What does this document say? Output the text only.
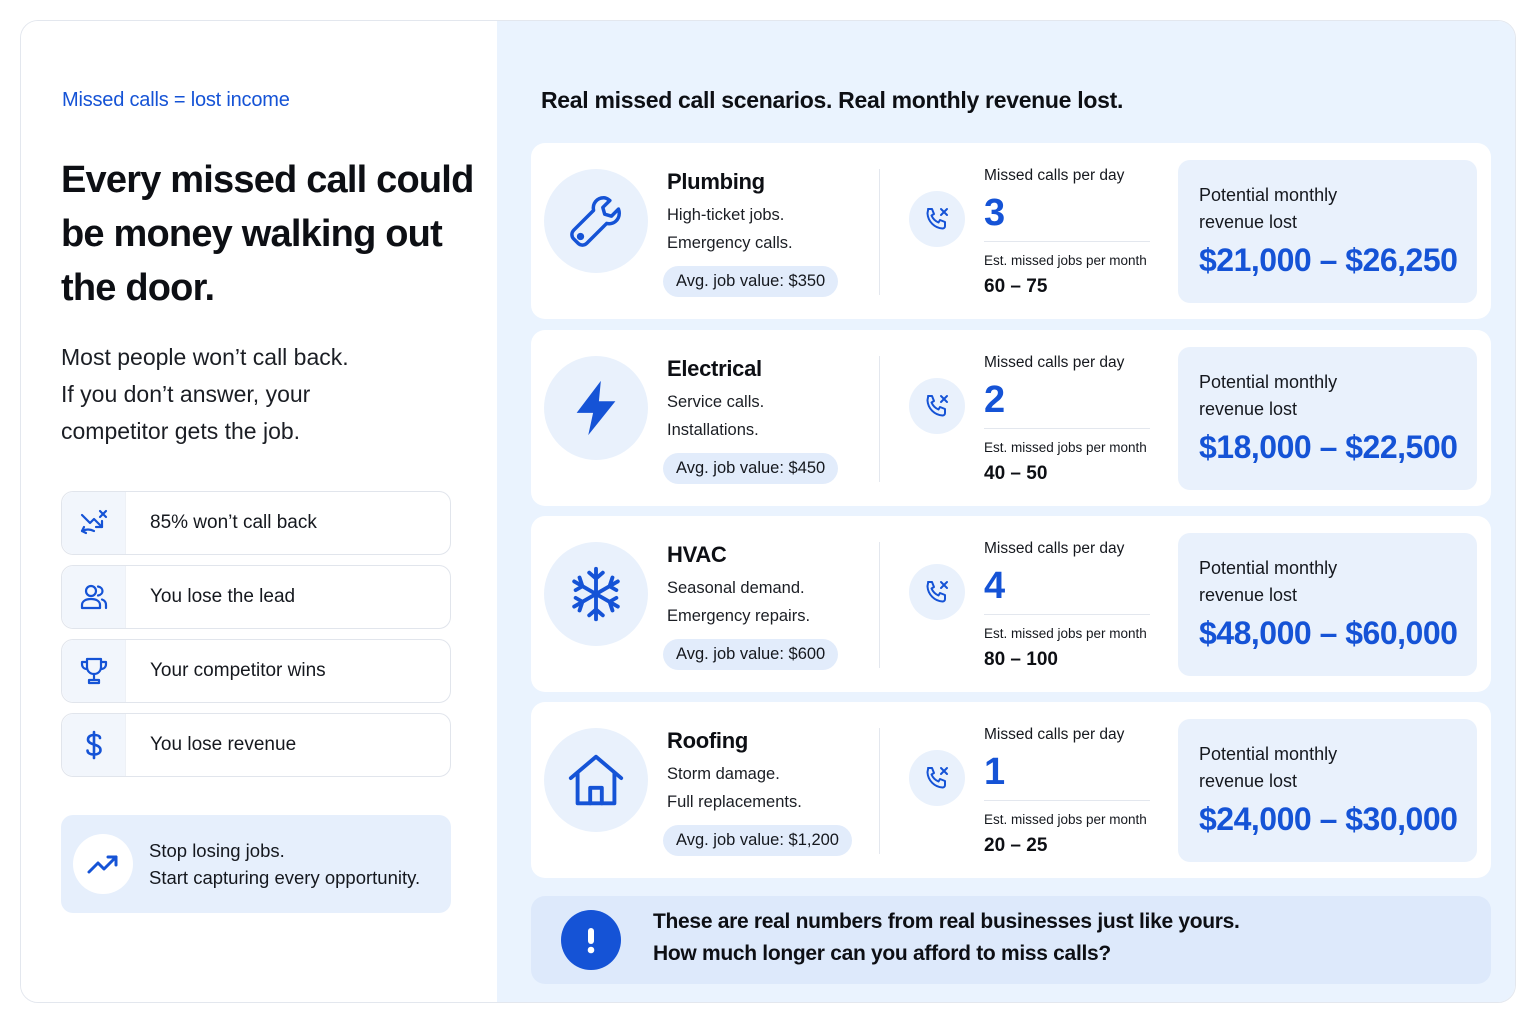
Missed calls = lost income
Every missed call could be money walking out the door.
Most people won’t call back.
If you don’t answer, your
competitor gets the job.
85% won’t call back
You lose the lead
Your competitor wins
You lose revenue
Stop losing jobs.
Start capturing every opportunity.
Real missed call scenarios. Real monthly revenue lost.
Plumbing
High-ticket jobs.
Emergency calls.
Avg. job value: $350
Missed calls per day
3
Est. missed jobs per month
60 – 75
Potential monthly
revenue lost
$21,000 – $26,250
Electrical
Service calls.
Installations.
Avg. job value: $450
Missed calls per day
2
Est. missed jobs per month
40 – 50
Potential monthly
revenue lost
$18,000 – $22,500
HVAC
Seasonal demand.
Emergency repairs.
Avg. job value: $600
Missed calls per day
4
Est. missed jobs per month
80 – 100
Potential monthly
revenue lost
$48,000 – $60,000
Roofing
Storm damage.
Full replacements.
Avg. job value: $1,200
Missed calls per day
1
Est. missed jobs per month
20 – 25
Potential monthly
revenue lost
$24,000 – $30,000
These are real numbers from real businesses just like yours.
How much longer can you afford to miss calls?
